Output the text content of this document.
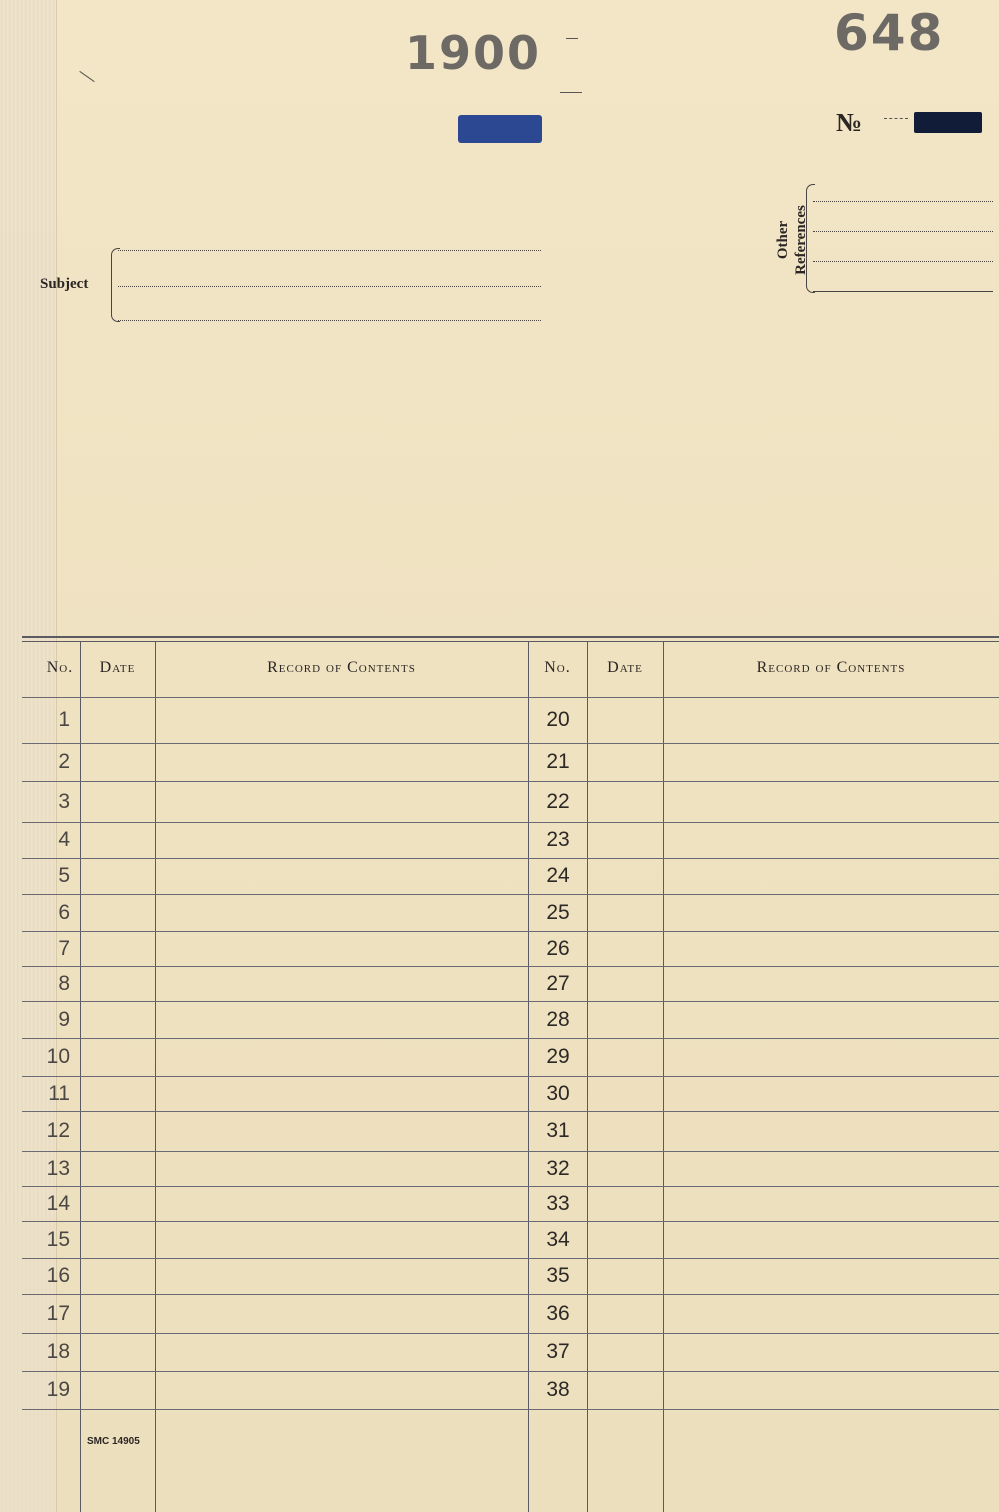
1900	648
№
Subject
Other References
No.	Date	Record of Contents	No.	Date	Record of Contents
1	20
2	21
3	22
4	23
5	24
6	25
7	26
8	27
9	28
10	29
11	30
12	31
13	32
14	33
15	34
16	35
17	36
18	37
19	38
SMC 14905
